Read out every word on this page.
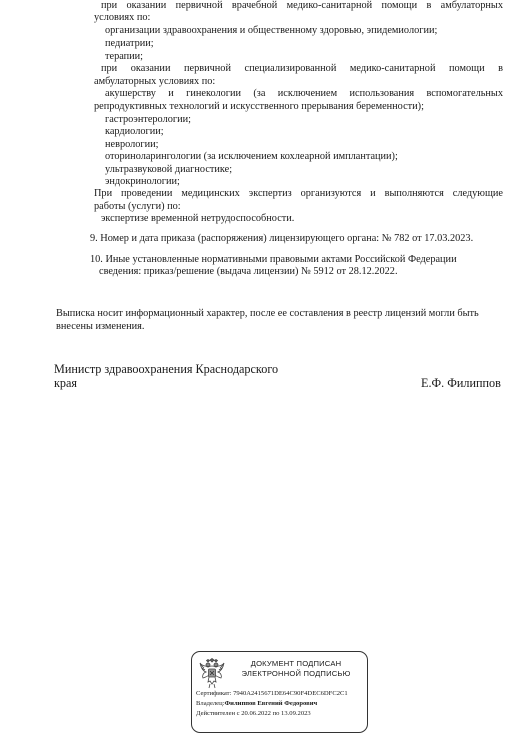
при оказании первичной врачебной медико-санитарной помощи в амбулаторных
условиях по:
организации здравоохранения и общественному здоровью, эпидемиологии;
педиатрии;
терапии;
при оказании первичной специализированной медико-санитарной помощи в
амбулаторных условиях по:
акушерству и гинекологии (за исключением использования вспомогательных
репродуктивных технологий и искусственного прерывания беременности);
гастроэнтерологии;
кардиологии;
неврологии;
оториноларингологии (за исключением кохлеарной имплантации);
ультразвуковой диагностике;
эндокринологии;
При проведении медицинских экспертиз организуются и выполняются следующие
работы (услуги) по:
экспертизе временной нетрудоспособности.
9. Номер и дата приказа (распоряжения) лицензирующего органа: № 782 от 17.03.2023.
10. Иные установленные нормативными правовыми актами Российской Федерации
сведения: приказ/решение (выдача лицензии) № 5912 от 28.12.2022.
Выписка носит информационный характер, после ее составления в реестр лицензий могли быть
внесены изменения.
Министр здравоохранения Краснодарского
края	Е.Ф. Филиппов
ДОКУМЕНТ ПОДПИСАН
ЭЛЕКТРОННОЙ ПОДПИСЬЮ
Сертификат: 7940A2415671DE64C90F4DEC6DFC2C1
Владелец:Филиппов Евгений Федорович
Действителен с 20.06.2022 по 13.09.2023
